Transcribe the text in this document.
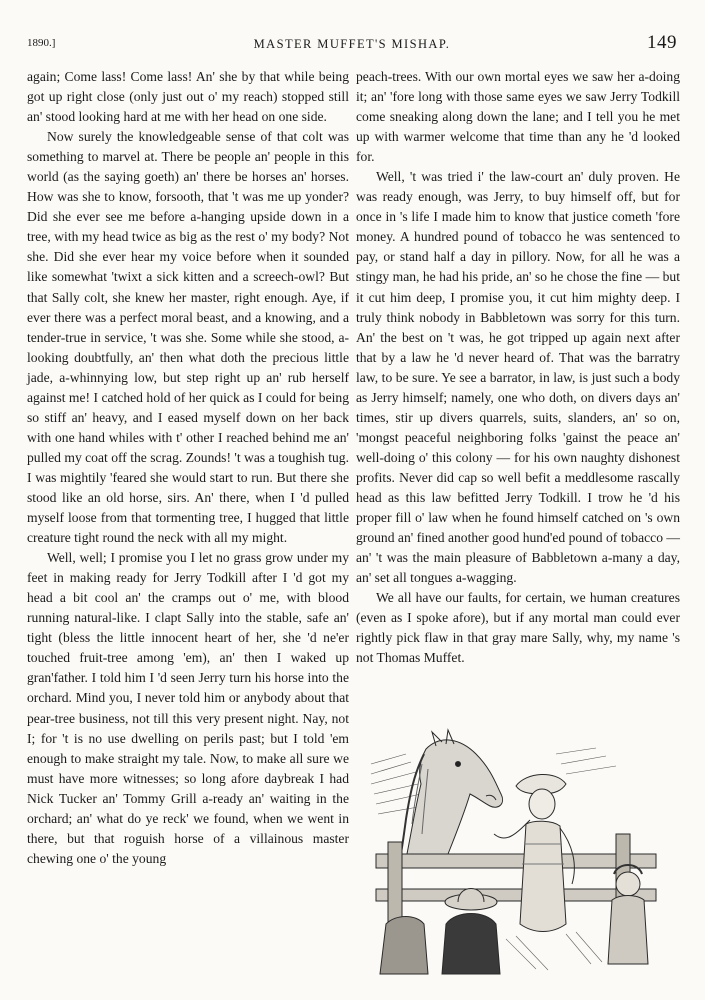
1890.]	MASTER MUFFET'S MISHAP.	149

again; Come lass! Come lass! An' she by that while being got up right close (only just out o' my reach) stopped still an' stood looking hard at me with her head on one side.

Now surely the knowledgeable sense of that colt was something to marvel at. There be people an' people in this world (as the saying goeth) an' there be horses an' horses. How was she to know, forsooth, that 't was me up yonder? Did she ever see me before a-hanging upside down in a tree, with my head twice as big as the rest o' my body? Not she. Did she ever hear my voice before when it sounded like somewhat 'twixt a sick kitten and a screech-owl? But that Sally colt, she knew her master, right enough. Aye, if ever there was a perfect moral beast, and a knowing, and a tender-true in service, 't was she. Some while she stood, a-looking doubtfully, an' then what doth the precious little jade, a-whinnying low, but step right up an' rub herself against me! I catched hold of her quick as I could for being so stiff an' heavy, and I eased myself down on her back with one hand whiles with t' other I reached behind me an' pulled my coat off the scrag. Zounds! 't was a toughish tug. I was mightily 'feared she would start to run. But there she stood like an old horse, sirs. An' there, when I 'd pulled myself loose from that tormenting tree, I hugged that little creature tight round the neck with all my might.

Well, well; I promise you I let no grass grow under my feet in making ready for Jerry Todkill after I 'd got my head a bit cool an' the cramps out o' me, with blood running natural-like. I clapt Sally into the stable, safe an' tight (bless the little innocent heart of her, she 'd ne'er touched fruit-tree among 'em), an' then I waked up gran'father. I told him I 'd seen Jerry turn his horse into the orchard. Mind you, I never told him or anybody about that pear-tree business, not till this very present night. Nay, not I; for 't is no use dwelling on perils past; but I told 'em enough to make straight my tale. Now, to make all sure we must have more witnesses; so long afore daybreak I had Nick Tucker an' Tommy Grill a-ready an' waiting in the orchard; an' what do ye reck' we found, when we went in there, but that roguish horse of a villainous master chewing one o' the young

peach-trees. With our own mortal eyes we saw her a-doing it; an' 'fore long with those same eyes we saw Jerry Todkill come sneaking along down the lane; and I tell you he met up with warmer welcome that time than any he 'd looked for.

Well, 't was tried i' the law-court an' duly proven. He was ready enough, was Jerry, to buy himself off, but for once in 's life I made him to know that justice cometh 'fore money. A hundred pound of tobacco he was sentenced to pay, or stand half a day in pillory. Now, for all he was a stingy man, he had his pride, an' so he chose the fine — but it cut him deep, I promise you, it cut him mighty deep. I truly think nobody in Babbletown was sorry for this turn. An' the best on 't was, he got tripped up again next after that by a law he 'd never heard of. That was the barratry law, to be sure. Ye see a barrator, in law, is just such a body as Jerry himself; namely, one who doth, on divers days an' times, stir up divers quarrels, suits, slanders, an' so on, 'mongst peaceful neighboring folks 'gainst the peace an' well-doing o' this colony — for his own naughty dishonest profits. Never did cap so well befit a meddlesome rascally head as this law befitted Jerry Todkill. I trow he 'd his proper fill o' law when he found himself catched on 's own ground an' fined another good hund'ed pound of tobacco — an' 't was the main pleasure of Babbletown a-many a day, an' set all tongues a-wagging.

We all have our faults, for certain, we human creatures (even as I spoke afore), but if any mortal man could ever rightly pick flaw in that gray mare Sally, why, my name 's not Thomas Muffet.
